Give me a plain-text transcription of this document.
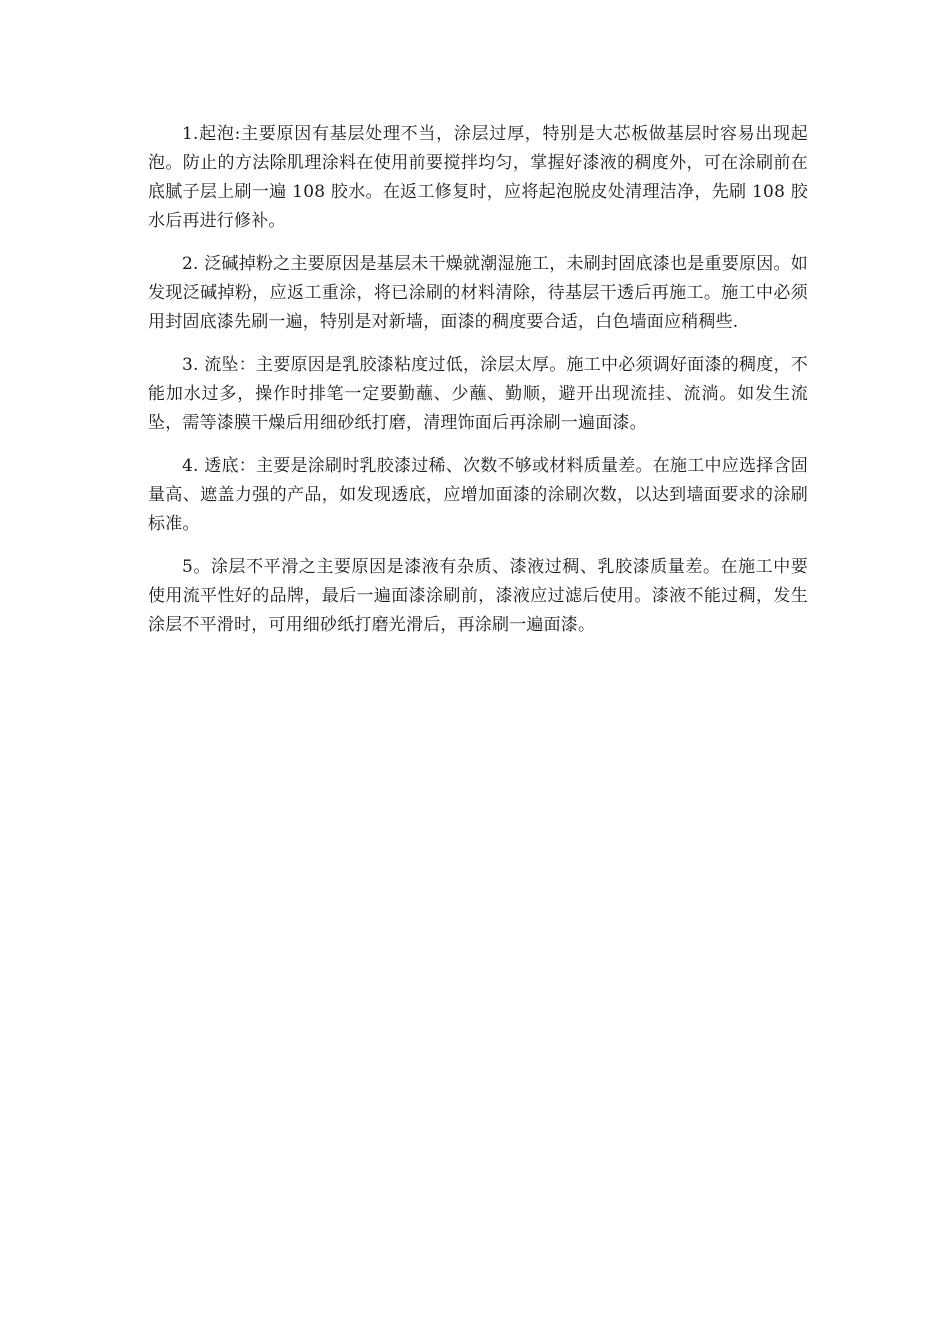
1.起泡:主要原因有基层处理不当，涂层过厚，特别是大芯板做基层时容易出现起泡。防止的方法除肌理涂料在使用前要搅拌均匀，掌握好漆液的稠度外，可在涂刷前在底腻子层上刷一遍 108 胶水。在返工修复时，应将起泡脱皮处清理洁净，先刷 108 胶水后再进行修补。

2. 泛碱掉粉之主要原因是基层未干燥就潮湿施工，未刷封固底漆也是重要原因。如发现泛碱掉粉，应返工重涂，将已涂刷的材料清除，待基层干透后再施工。施工中必须用封固底漆先刷一遍，特别是对新墙，面漆的稠度要合适，白色墙面应稍稠些.

3. 流坠：主要原因是乳胶漆粘度过低，涂层太厚。施工中必须调好面漆的稠度，不能加水过多，操作时排笔一定要勤蘸、少蘸、勤顺，避开出现流挂、流淌。如发生流坠，需等漆膜干燥后用细砂纸打磨，清理饰面后再涂刷一遍面漆。

4. 透底：主要是涂刷时乳胶漆过稀、次数不够或材料质量差。在施工中应选择含固量高、遮盖力强的产品，如发现透底，应增加面漆的涂刷次数，以达到墙面要求的涂刷标准。

5。涂层不平滑之主要原因是漆液有杂质、漆液过稠、乳胶漆质量差。在施工中要使用流平性好的品牌，最后一遍面漆涂刷前，漆液应过滤后使用。漆液不能过稠，发生涂层不平滑时，可用细砂纸打磨光滑后，再涂刷一遍面漆。
